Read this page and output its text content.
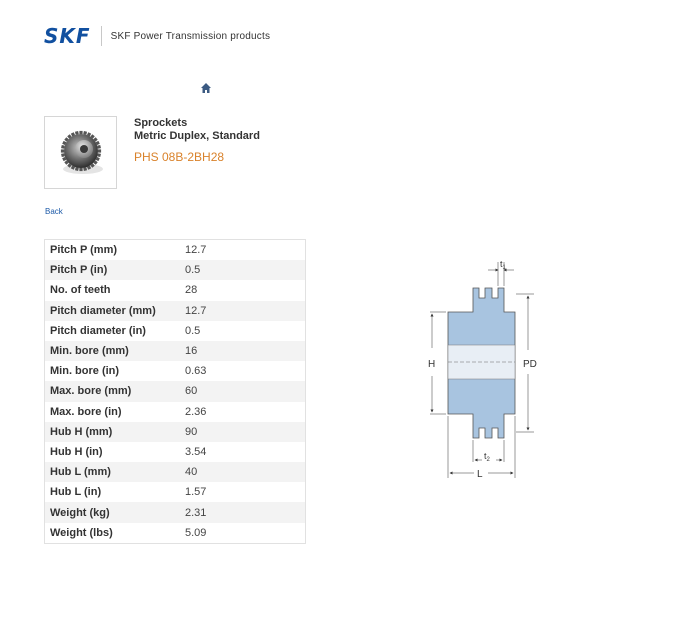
SKF SKF Power Transmission products
Sprockets
Metric Duplex, Standard
PHS 08B-2BH28
Back
Pitch P (mm)	12.7
Pitch P (in)	0.5
No. of teeth	28
Pitch diameter (mm)	12.7
Pitch diameter (in)	0.5
Min. bore (mm)	16
Min. bore (in)	0.63
Max. bore (mm)	60
Max. bore (in)	2.36
Hub H (mm)	90
Hub H (in)	3.54
Hub L (mm)	40
Hub L (in)	1.57
Weight (kg)	2.31
Weight (lbs)	5.09
$t_1$
H	PD
$t_2$
L
